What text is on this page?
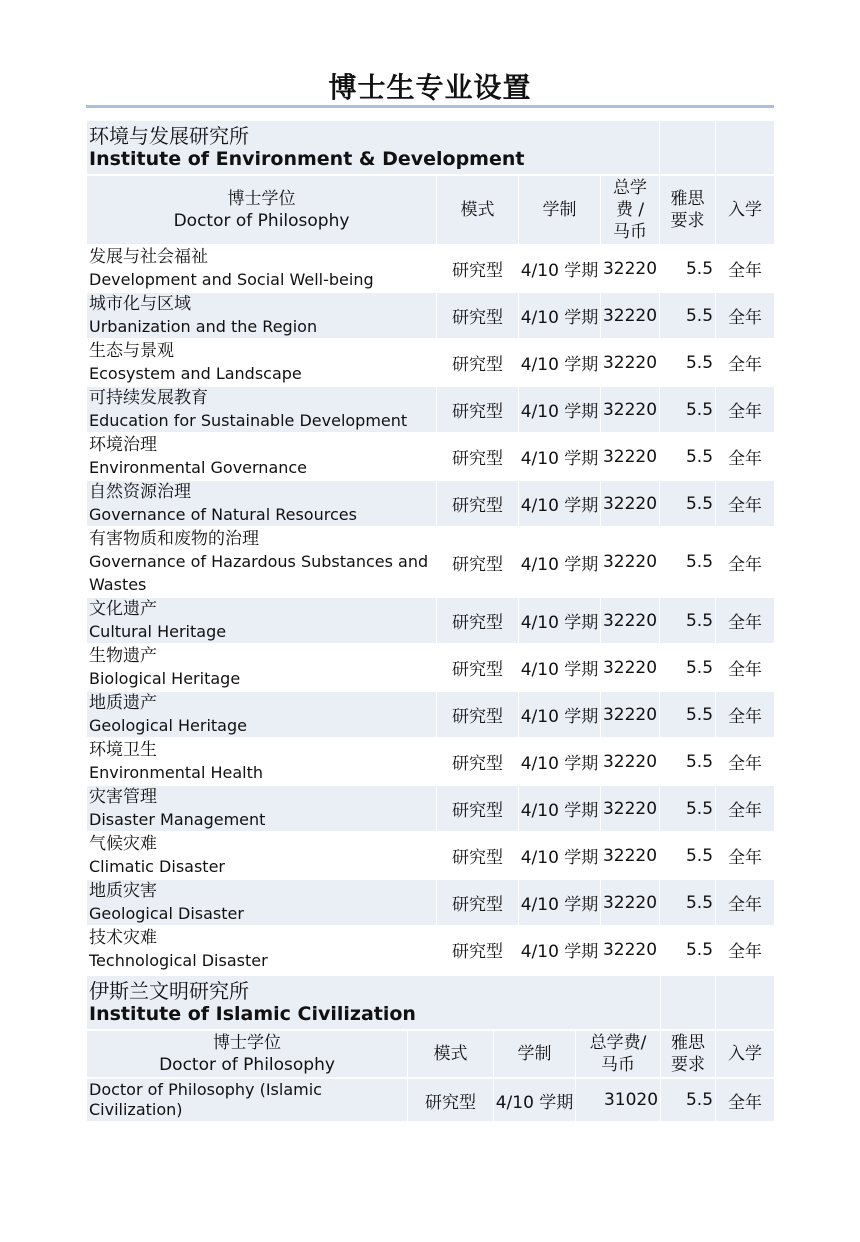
博士生专业设置
环境与发展研究所
Institute of Environment & Development					

博士学位
Doctor of Philosophy	模式	学制	总学费 / 马币	雅思要求	入学

发展与社会福祉
Development and Social Well-being	研究型	4/10 学期	32220	5.5	全年

城市化与区域
Urbanization and the Region	研究型	4/10 学期	32220	5.5	全年

生态与景观
Ecosystem and Landscape	研究型	4/10 学期	32220	5.5	全年

可持续发展教育
Education for Sustainable Development	研究型	4/10 学期	32220	5.5	全年

环境治理
Environmental Governance	研究型	4/10 学期	32220	5.5	全年

自然资源治理
Governance of Natural Resources	研究型	4/10 学期	32220	5.5	全年

有害物质和废物的治理
Governance of Hazardous Substances and Wastes	研究型	4/10 学期	32220	5.5	全年

文化遗产
Cultural Heritage	研究型	4/10 学期	32220	5.5	全年

生物遗产
Biological Heritage	研究型	4/10 学期	32220	5.5	全年

地质遗产
Geological Heritage	研究型	4/10 学期	32220	5.5	全年

环境卫生
Environmental Health	研究型	4/10 学期	32220	5.5	全年

灾害管理
Disaster Management	研究型	4/10 学期	32220	5.5	全年

气候灾难
Climatic Disaster	研究型	4/10 学期	32220	5.5	全年

地质灾害
Geological Disaster	研究型	4/10 学期	32220	5.5	全年

技术灾难
Technological Disaster	研究型	4/10 学期	32220	5.5	全年
伊斯兰文明研究所
Institute of Islamic Civilization					

博士学位
Doctor of Philosophy	模式	学制	总学费/ 马币	雅思要求	入学

Doctor of Philosophy (Islamic Civilization)	研究型	4/10 学期	31020	5.5	全年
